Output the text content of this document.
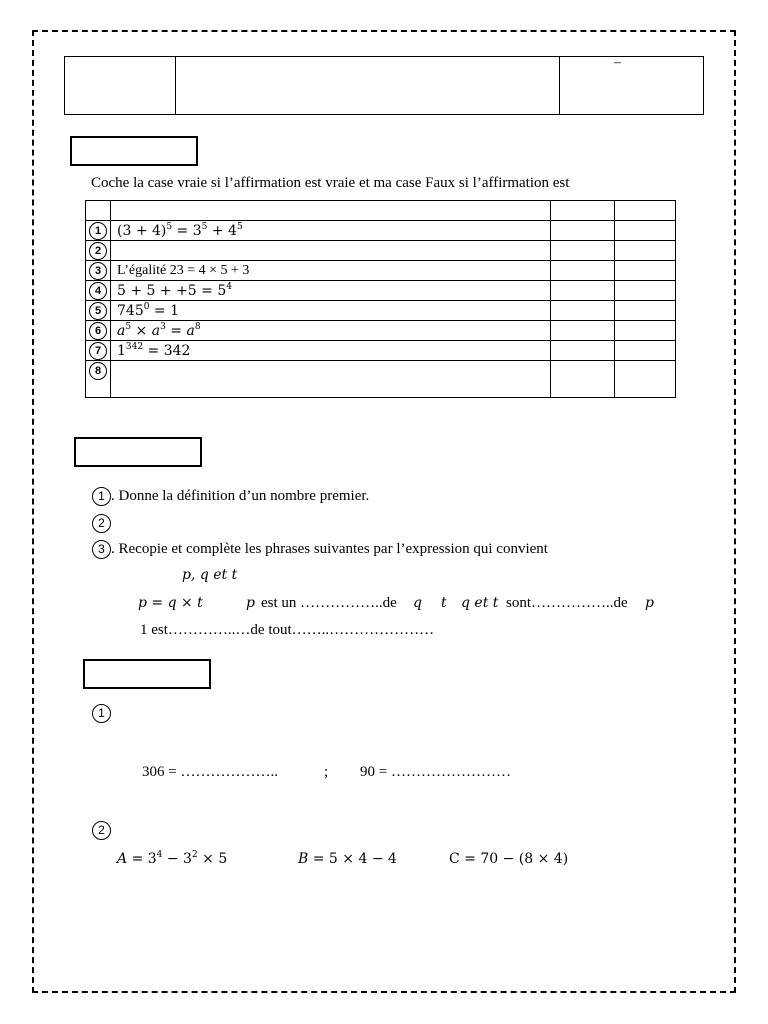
–
Coche la case vraie si l’affirmation est vraie et ma case Faux si l’affirmation est

1	$(3 + 4)^5 = 3^5 + 4^5$		
2			
3	L’égalité 23 = 4 × 5 + 3		
4	$5 + 5 + +5 = 5^4$		
5	$745^0 = 1$		
6	$a^5 \times a^3 = a^8$		
7	$1^{342} = 342$		
8			
1 . Donne la définition d’un nombre premier.
2
3 . Recopie et complète les phrases suivantes par l’expression qui convient
p, q et t
p = q × t	p est un ……………..de q t q et t sont……………..de p
1 est…………..…de tout……..…………………
1
306 = ………………..	; 90 = ……………………
2
$A = 3^4 - 3^2 \times 5$	B = 5 × 4 − 4	C = 70 − (8 × 4)
